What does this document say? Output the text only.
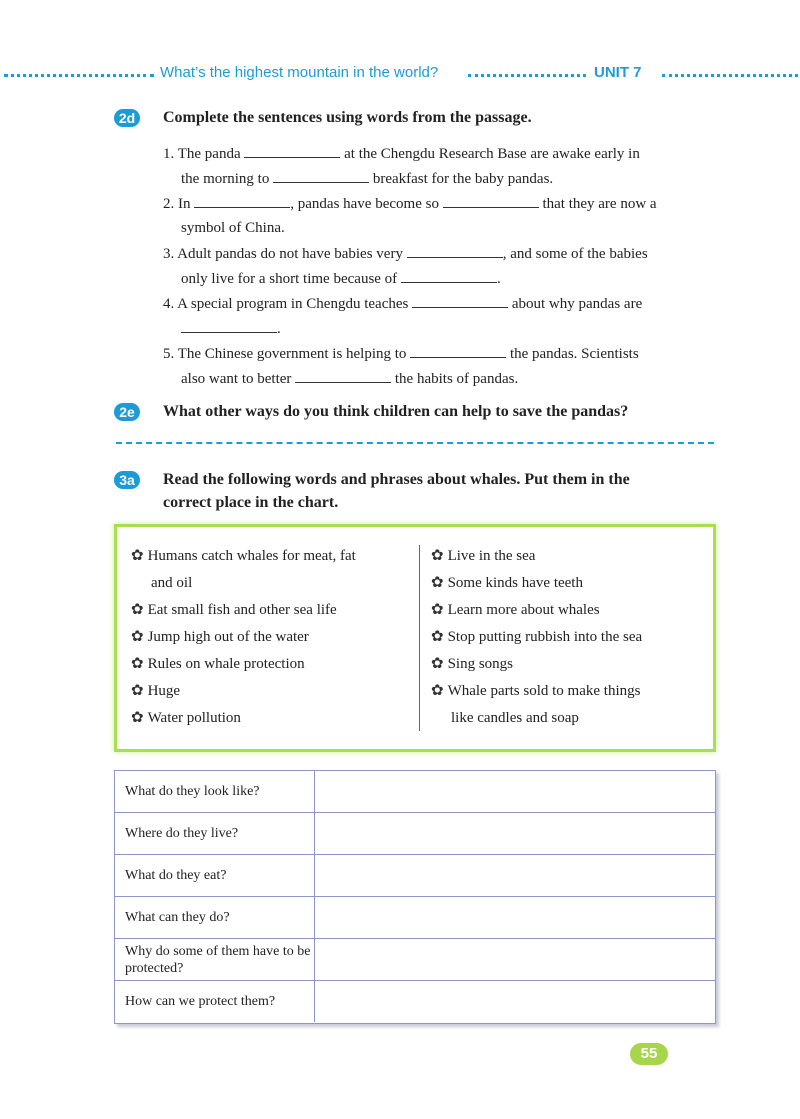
What’s the highest mountain in the world?	UNIT 7
2d	Complete the sentences using words from the passage.
1. The panda	at the Chengdu Research Base are awake early in
the morning to	breakfast for the baby pandas.
2. In	, pandas have become so	that they are now a
symbol of China.
3. Adult pandas do not have babies very	, and some of the babies
only live for a short time because of	.
4. A special program in Chengdu teaches	about why pandas are
.
5. The Chinese government is helping to	the pandas. Scientists
also want to better	the habits of pandas.
2e	What other ways do you think children can help to save the pandas?
3a	Read the following words and phrases about whales. Put them in the
correct place in the chart.
✿ Humans catch whales for meat, fat
and oil
✿ Eat small fish and other sea life
✿ Jump high out of the water
✿ Rules on whale protection
✿ Huge
✿ Water pollution
✿ Live in the sea
✿ Some kinds have teeth
✿ Learn more about whales
✿ Stop putting rubbish into the sea
✿ Sing songs
✿ Whale parts sold to make things
like candles and soap
What do they look like?
Where do they live?
What do they eat?
What can they do?
Why do some of them have to be protected?
How can we protect them?
55
